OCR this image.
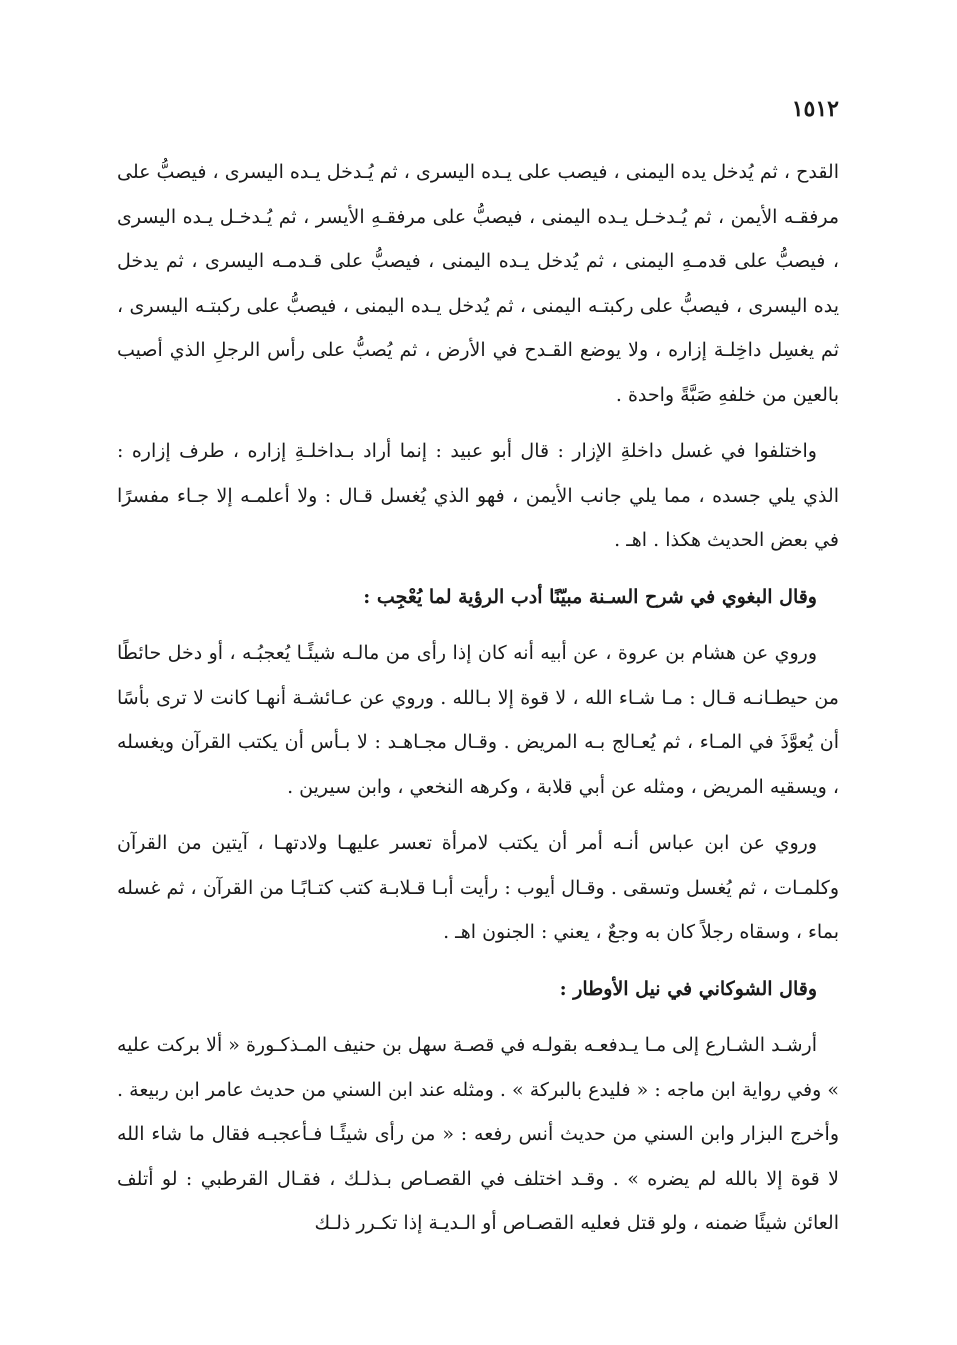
١٥١٢

القدح ، ثم يُدخل يده اليمنى ، فيصب على يـده اليسرى ، ثم يُـدخل يـده اليسرى ، فيصبُّ على مرفقـه الأيمن ، ثم يُـدخـل يـده اليمنى ، فيصبُّ على مرفقـهِ الأيسر ، ثم يُـدخـل يـده اليسرى ، فيصبُّ على قدمـهِ اليمنى ، ثم يُدخل يـده اليمنى ، فيصبُّ على قـدمـه اليسرى ، ثم يدخل يده اليسرى ، فيصبُّ على ركبتـه اليمنى ، ثم يُدخل يـده اليمنى ، فيصبُّ على ركبتـه اليسرى ، ثم يغسِل داخِلـة إزاره ، ولا يوضع القـدح في الأرض ، ثم يُصبُّ على رأس الرجلِ الذي أصيب بالعين من خلفهِ صَبَّةً واحدة .

واختلفوا في غسل داخلةِ الإزار : قال أبو عبيد : إنما أراد بـداخلـةِ إزاره ، طرف إزاره : الذي يلي جسده ، مما يلي جانب الأيمن ، فهو الذي يُغسل قـال : ولا أعلمـه إلا جـاء مفسرًا في بعض الحديث هكذا . اهـ .

وقال البغوي في شرح السـنة مبيّنًا أدب الرؤية لما يُعْجِب :

وروي عن هشام بن عروة ، عن أبيه أنه كان إذا رأى من مالـه شيئًـا يُعجبُـه ، أو دخل حائطًا من حيطـانـه قـال : مـا شـاء الله ، لا قوة إلا بـالله . وروي عن عـائشـة أنهـا كانت لا ترى بأسًا أن يُعوَّذَ في المـاء ، ثم يُعـالج بـه المريض . وقـال مجـاهـد : لا بـأس أن يكتب القرآن ويغسله ، ويسقيه المريض ، ومثله عن أبي قلابة ، وكرهه النخعي ، وابن سيرين .

وروي عن ابن عباس أنـه أمر أن يكتب لامرأة تعسر عليهـا ولادتهـا ، آيتين من القرآن وكلمـات ، ثم يُغسل وتسقى . وقـال أيوب : رأيت أبـا قـلابـة كتب كتـابًـا من القرآن ، ثم غسله بماء ، وسقاه رجلاً كان به وجعٌ ، يعني : الجنون اهـ .

وقال الشوكاني في نيل الأوطار :

أرشـد الشـارع إلى مـا يـدفعـه بقولـه في قصـة سهل بن حنيف المـذكـورة « ألا بركت عليه » وفي رواية ابن ماجه : « فليدع بالبركة » . ومثله عند ابن السني من حديث عامر ابن ربيعة . وأخرج البزار وابن السني من حديث أنس رفعه : « من رأى شيئًـا فـأعجبـه فقال ما شاء الله لا قوة إلا بالله لم يضره » . وقـد اختلف في القصـاص بـذلـك ، فقـال القرطبي : لو أتلف العائن شيئًا ضمنه ، ولو قتل فعليه القصـاص أو الـديـة إذا تكـرر ذلـك
